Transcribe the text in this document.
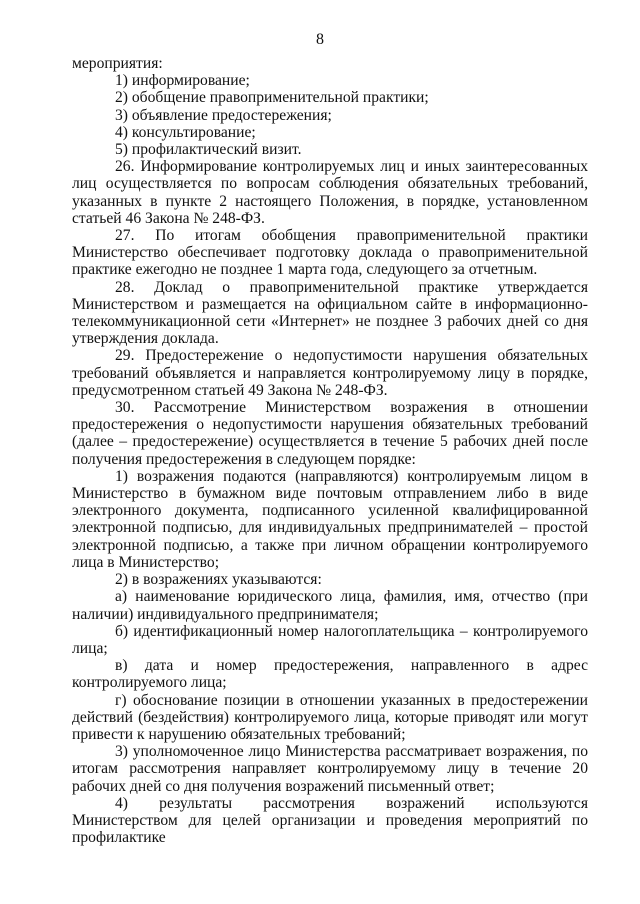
8

мероприятия:

1) информирование;

2) обобщение правоприменительной практики;

3) объявление предостережения;

4) консультирование;

5) профилактический визит.

26. Информирование контролируемых лиц и иных заинтересованных лиц осуществляется по вопросам соблюдения обязательных требований, указанных в пункте 2 настоящего Положения, в порядке, установленном статьей 46 Закона № 248-ФЗ.

27. По итогам обобщения правоприменительной практики Министерство обеспечивает подготовку доклада о правоприменительной практике ежегодно не позднее 1 марта года, следующего за отчетным.

28. Доклад о правоприменительной практике утверждается Министерством и размещается на официальном сайте в информационно-телекоммуникационной сети «Интернет» не позднее 3 рабочих дней со дня утверждения доклада.

29. Предостережение о недопустимости нарушения обязательных требований объявляется и направляется контролируемому лицу в порядке, предусмотренном статьей 49 Закона № 248-ФЗ.

30. Рассмотрение Министерством возражения в отношении предостережения о недопустимости нарушения обязательных требований (далее – предостережение) осуществляется в течение 5 рабочих дней после получения предостережения в следующем порядке:

1) возражения подаются (направляются) контролируемым лицом в Министерство в бумажном виде почтовым отправлением либо в виде электронного документа, подписанного усиленной квалифицированной электронной подписью, для индивидуальных предпринимателей – простой электронной подписью, а также при личном обращении контролируемого лица в Министерство;

2) в возражениях указываются:

а) наименование юридического лица, фамилия, имя, отчество (при наличии) индивидуального предпринимателя;

б) идентификационный номер налогоплательщика – контролируемого лица;

в) дата и номер предостережения, направленного в адрес контролируемого лица;

г) обоснование позиции в отношении указанных в предостережении действий (бездействия) контролируемого лица, которые приводят или могут привести к нарушению обязательных требований;

3) уполномоченное лицо Министерства рассматривает возражения, по итогам рассмотрения направляет контролируемому лицу в течение 20 рабочих дней со дня получения возражений письменный ответ;

4) результаты рассмотрения возражений используются Министерством для целей организации и проведения мероприятий по профилактике
